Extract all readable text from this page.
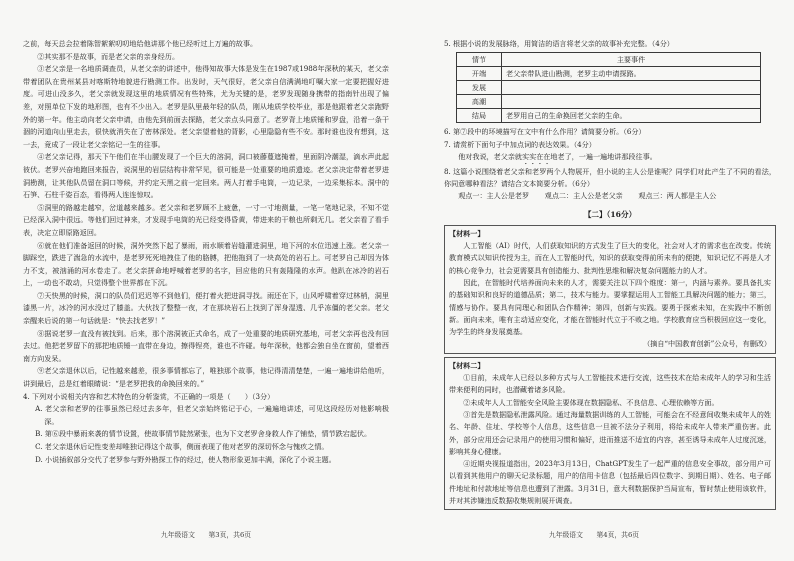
之前，每天总会拉着陈智絮絮叨叨地给他讲那个他已经听过上万遍的故事。

②其实那不是故事，而是老父亲的亲身经历。

③老父亲是一名地质调查员，从老父亲的讲述中，他得知故事大体是发生在1987或1988年深秋的某天，老父亲带着团队在贵州某县对喀斯特地貌进行勘测工作。出发时，天气很好，老父亲自信满满地叮嘱大家一定要把握好进度。可进山没多久，老父亲就发现这里的地质情况有些特殊，尤为关键的是，老罗发现随身携带的指南针出现了偏差，对照单位下发的地形图，也有不少出入。老罗是队里最年轻的队员，刚从地质学校毕业，那是他跟着老父亲跑野外的第一年。他主动向老父亲申请，由他先到前面去探路，老父亲点头同意了。老罗背上地质锤和罗盘，沿着一条干涸的河道向山里走去，很快就消失在了密林深处。老父亲望着他的背影，心里隐隐有些不安。那时谁也没有想到，这一去，竟成了一段让老父亲铭记一生的往事。

④老父亲记得，那天下午他们在半山腰发现了一个巨大的溶洞，洞口被藤蔓遮掩着，里面阴冷潮湿，滴水声此起彼伏。老罗兴奋地跑回来报告，说洞里的岩层结构非常罕见，很可能是一处重要的地质遗迹。老父亲决定带着老罗进洞勘测，让其他队员留在洞口等候，并约定天黑之前一定回来。两人打着手电筒，一边记录，一边采集标本。洞中的石笋、石柱千姿百态，看得两人连连惊叹。

⑤洞里的路越走越窄，岔道越来越多。老父亲和老罗顾不上疲惫，一寸一寸地测量，一笔一笔地记录，不知不觉已经深入洞中很远。等他们回过神来，才发现手电筒的光已经变得昏黄，带进来的干粮也所剩无几。老父亲看了看手表，决定立即原路返回。

⑥就在他们准备返回的时候，洞外突然下起了暴雨，雨水顺着岩缝灌进洞里，地下河的水位迅速上涨。老父亲一脚踩空，跌进了湍急的水流中，是老罗死死地拽住了他的胳膊，把他拖到了一块高处的岩石上。可老罗自己却因为体力不支，被汹涌的河水卷走了。老父亲拼命地呼喊着老罗的名字，回应他的只有轰隆隆的水声。他趴在冰冷的岩石上，一动也不敢动，只觉得整个世界都在下沉。

⑦天快黑的时候，洞口的队员们迟迟等不到他们，便打着火把进洞寻找。雨还在下，山风呼啸着穿过林梢，洞里漆黑一片，冰冷的河水没过了膝盖。大伙找了整整一夜，才在那块岩石上找到了浑身湿透、几乎冻僵的老父亲。老父亲醒来后说的第一句话就是：“快去找老罗！”

⑧据说老罗一直没有被找到。后来，那个溶洞被正式命名，成了一处重要的地质研究基地，可老父亲再也没有回去过。他把老罗留下的那把地质锤一直带在身边，擦得锃亮，谁也不许碰。每年深秋，他都会独自坐在窗前，望着西南方向发呆。

⑨老父亲退休以后，记性越来越差，很多事情都忘了，唯独那个故事，他记得清清楚楚，一遍一遍地讲给他听，讲到最后，总是红着眼睛说：“是老罗把我的命换回来的。”

4. 下列对小说相关内容和艺术特色的分析鉴赏，不正确的一项是（　　）（3分）

A. 老父亲和老罗的往事虽然已经过去多年，但老父亲始终铭记于心，一遍遍地讲述，可见这段经历对他影响极深。

B. 第⑥段中暴雨来袭的情节设置，使故事情节陡然紧张，也为下文老罗舍身救人作了铺垫，情节跌宕起伏。

C. 老父亲退休后记性变差却唯独记得这个故事，侧面表现了他对老罗的深切怀念与愧疚之情。

D. 小说插叙部分交代了老罗参与野外勘探工作的经过，使人物形象更加丰满，深化了小说主题。

5. 根据小说的发展脉络，用简洁的语言将老父亲的故事补充完整。（4分）

情节	主要事件
开端	老父亲带队进山勘测，老罗主动申请探路。
发展	
高潮	
结局	老罗用自己的生命换回老父亲的生命。

6. 第⑦段中的环境描写在文中有什么作用？请简要分析。（6分）

7. 请赏析下面句子中加点词的表达效果。（4分）

他对我说，老父亲就实实在在地老了，一遍一遍地讲那段往事。

8. 这篇小说围绕着老父亲和老罗两个人物展开，但小说的主人公是谁呢？同学们对此产生了不同的看法，你同意哪种看法？请结合文本简要分析。（6分）

观点一：主人公是老罗 观点二：主人公是老父亲 观点三：两人都是主人公

【二】（16分）

【材料一】

人工智能（AI）时代，人们获取知识的方式发生了巨大的变化，社会对人才的需求也在改变。传统教育模式以知识传授为主，而在人工智能时代，知识的获取变得前所未有的便捷，知识记忆不再是人才的核心竞争力，社会更需要具有创造能力、批判性思维和解决复杂问题能力的人才。

因此，在智能时代培养面向未来的人才，需要关注以下四个维度：第一，内涵与素养。要具备扎实的基础知识和良好的道德品质；第二，技术与能力。要掌握运用人工智能工具解决问题的能力；第三，情感与协作。要具有同理心和团队合作精神；第四，创新与实践。要勇于探索未知，在实践中不断创新。面向未来，唯有主动适应变化，才能在智能时代立于不败之地。学校教育应当积极回应这一变化，为学生的终身发展奠基。

（摘自“中国教育创新”公众号，有删改）

【材料二】

①目前，未成年人已经以多种方式与人工智能技术进行交流，这些技术在给未成年人的学习和生活带来便利的同时，也潜藏着诸多风险。

②未成年人人工智能安全风险主要体现在数据隐私、不良信息、心理依赖等方面。

③首先是数据隐私泄露风险。通过海量数据训练的人工智能，可能会在不经意间收集未成年人的姓名、年龄、住址、学校等个人信息，这些信息一旦被不法分子利用，将给未成年人带来严重伤害。此外，部分应用还会记录用户的使用习惯和偏好，进而推送不适宜的内容，甚至诱导未成年人过度沉迷，影响其身心健康。

④近期央视报道指出，2023年3月13日，ChatGPT发生了一起严重的信息安全事故，部分用户可以看到其他用户的聊天记录标题，用户的信用卡信息（包括最后四位数字、到期日期）、姓名、电子邮件地址和付款地址等信息也遭到了泄露。3月31日，意大利数据保护当局宣布，暂时禁止使用该软件，并对其涉嫌违反数据收集规则展开调查。

九年级语文　　第3页，共6页	九年级语文　　第4页，共6页
